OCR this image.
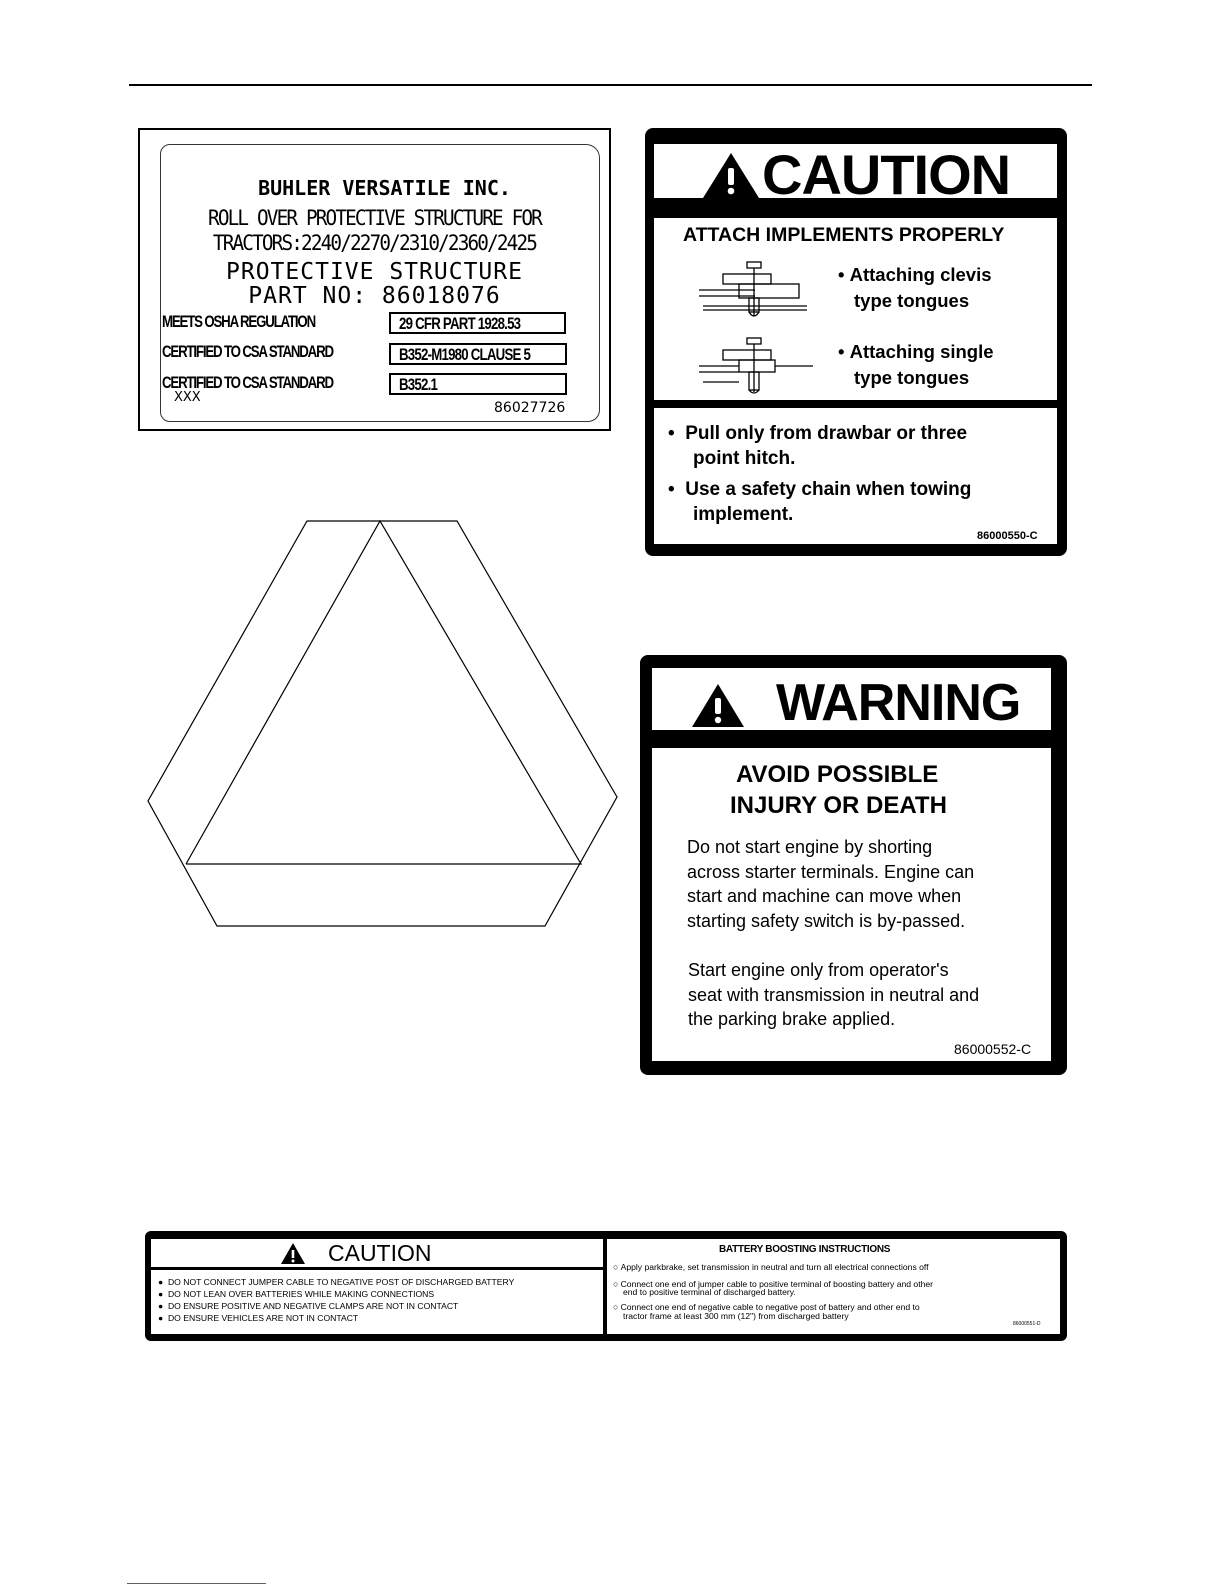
BUHLER VERSATILE INC.
ROLL OVER PROTECTIVE STRUCTURE FOR
TRACTORS:2240/2270/2310/2360/2425
PROTECTIVE STRUCTURE
PART NO: 86018076
MEETS OSHA REGULATION	29 CFR PART 1928.53
CERTIFIED TO CSA STANDARD	B352-M1980 CLAUSE 5
CERTIFIED TO CSA STANDARD	B352.1
XXX
86027726
CAUTION
ATTACH IMPLEMENTS PROPERLY
• Attaching clevis
type tongues
• Attaching single
type tongues
•  Pull only from drawbar or three
point hitch.
•  Use a safety chain when towing
implement.
86000550-C
WARNING
AVOID POSSIBLE
INJURY OR DEATH
Do not start engine by shorting
across starter terminals. Engine can
start and machine can move when
starting safety switch is by-passed.
Start engine only from operator's
seat with transmission in neutral and
the parking brake applied.
86000552-C
CAUTION
●  DO NOT CONNECT JUMPER CABLE TO NEGATIVE POST OF DISCHARGED BATTERY
●  DO NOT LEAN OVER BATTERIES WHILE MAKING CONNECTIONS
●  DO ENSURE POSITIVE AND NEGATIVE CLAMPS ARE NOT IN CONTACT
●  DO ENSURE VEHICLES ARE NOT IN CONTACT
BATTERY BOOSTING INSTRUCTIONS
○ Apply parkbrake, set transmission in neutral and turn all electrical connections off
○ Connect one end of jumper cable to positive terminal of boosting battery and other
end to positive terminal of discharged battery.
○ Connect one end of negative cable to negative post of battery and other end to
tractor frame at least 300 mm (12") from discharged battery
86000551-D
